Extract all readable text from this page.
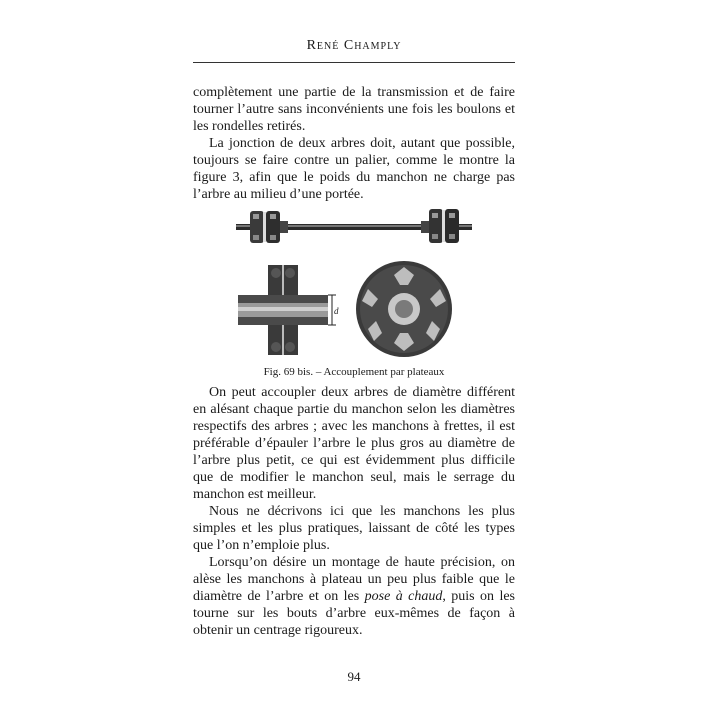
René Champly

complètement une partie de la transmission et de faire tourner l’autre sans inconvénients une fois les boulons et les rondelles retirés.

La jonction de deux arbres doit, autant que possible, toujours se faire contre un palier, comme le montre la figure 3, afin que le poids du manchon ne charge pas l’arbre au milieu d’une portée.

d
Fig. 69 bis. – Accouplement par plateaux

On peut accoupler deux arbres de diamètre différent en alésant chaque partie du manchon selon les diamètres respectifs des arbres ; avec les manchons à frettes, il est préférable d’épauler l’arbre le plus gros au diamètre de l’arbre plus petit, ce qui est évidemment plus difficile que de modifier le manchon seul, mais le serrage du manchon est meilleur.

Nous ne décrivons ici que les manchons les plus simples et les plus pratiques, laissant de côté les types que l’on n’emploie plus.

Lorsqu’on désire un montage de haute précision, on alèse les manchons à plateau un peu plus faible que le diamètre de l’arbre et on les pose à chaud, puis on les tourne sur les bouts d’arbre eux-mêmes de façon à obtenir un centrage rigoureux.

94
